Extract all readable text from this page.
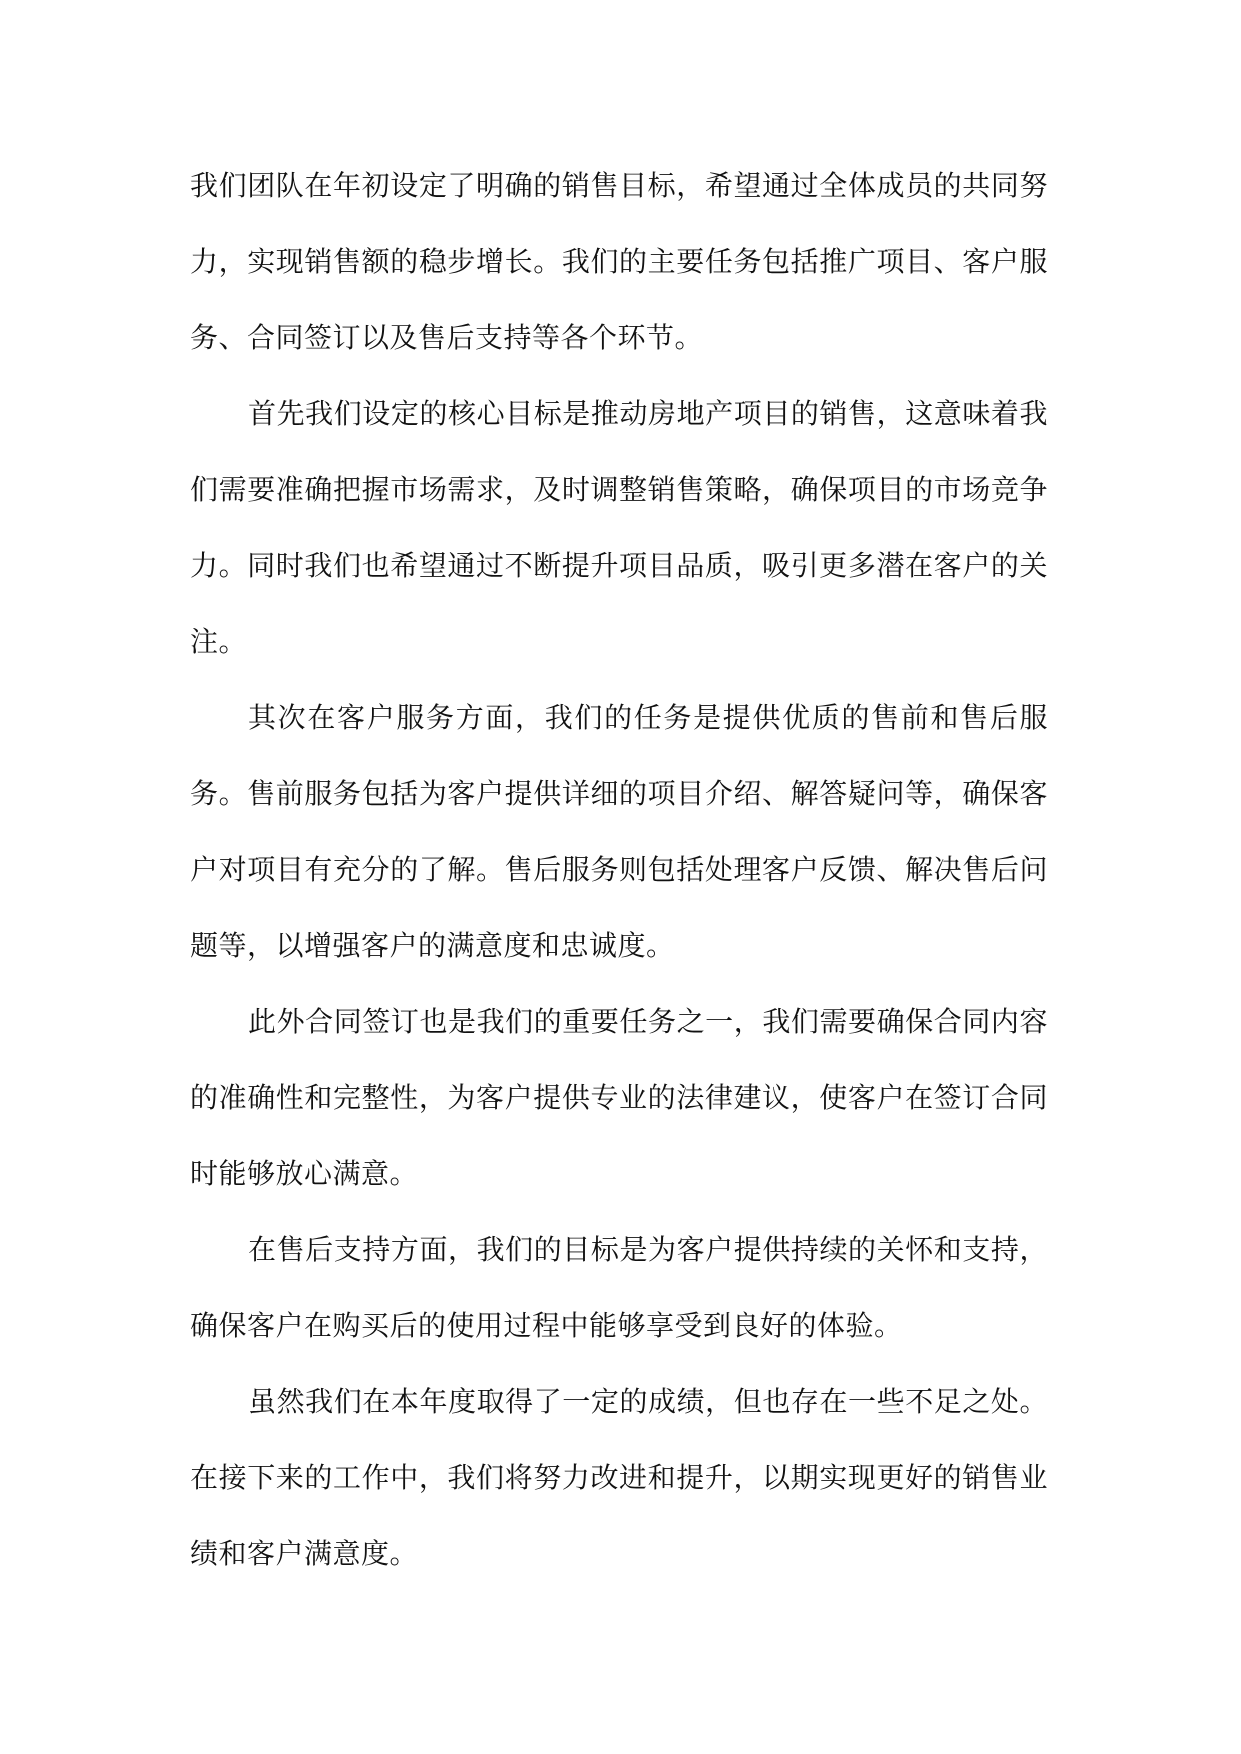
我们团队在年初设定了明确的销售目标，希望通过全体成员的共同努力，实现销售额的稳步增长。我们的主要任务包括推广项目、客户服务、合同签订以及售后支持等各个环节。

首先我们设定的核心目标是推动房地产项目的销售，这意味着我们需要准确把握市场需求，及时调整销售策略，确保项目的市场竞争力。同时我们也希望通过不断提升项目品质，吸引更多潜在客户的关注。

其次在客户服务方面，我们的任务是提供优质的售前和售后服务。售前服务包括为客户提供详细的项目介绍、解答疑问等，确保客户对项目有充分的了解。售后服务则包括处理客户反馈、解决售后问题等，以增强客户的满意度和忠诚度。

此外合同签订也是我们的重要任务之一，我们需要确保合同内容的准确性和完整性，为客户提供专业的法律建议，使客户在签订合同时能够放心满意。

在售后支持方面，我们的目标是为客户提供持续的关怀和支持，确保客户在购买后的使用过程中能够享受到良好的体验。

虽然我们在本年度取得了一定的成绩，但也存在一些不足之处。在接下来的工作中，我们将努力改进和提升，以期实现更好的销售业绩和客户满意度。
